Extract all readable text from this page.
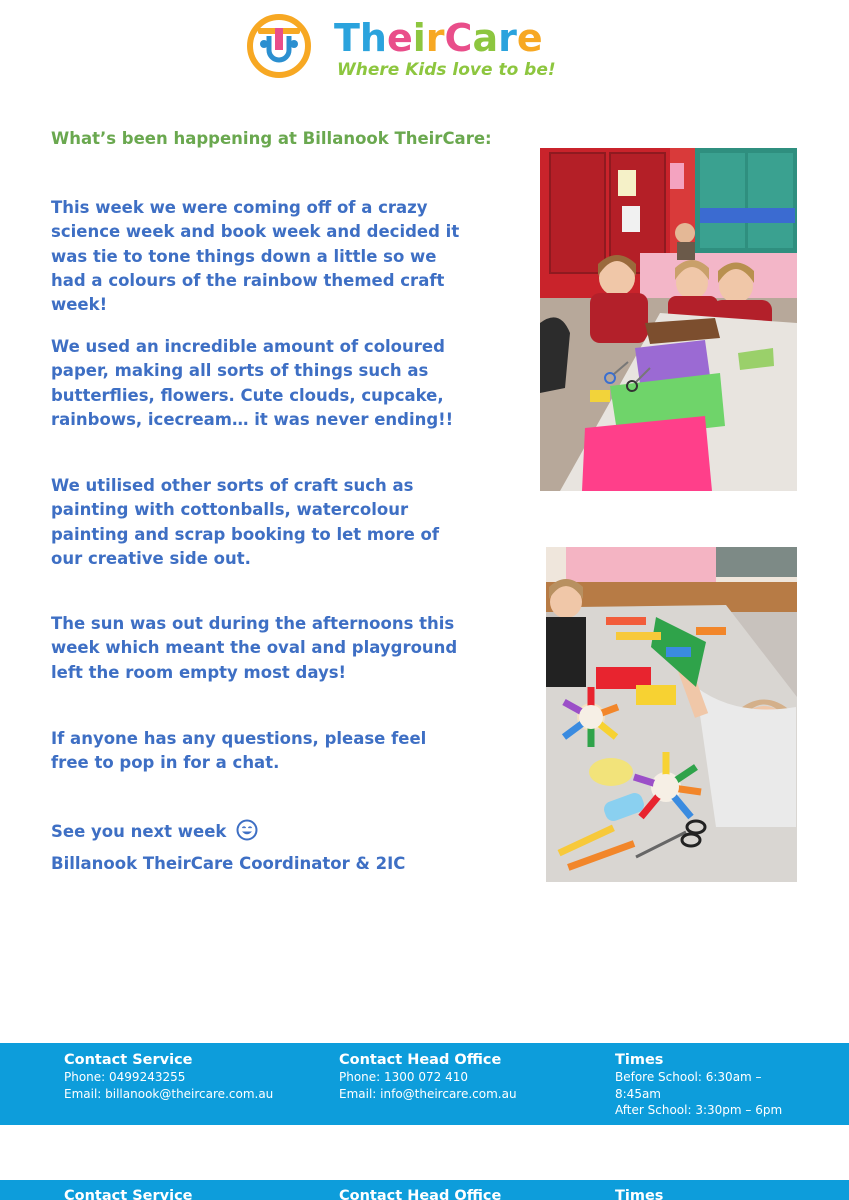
TheirCare
Where Kids love to be!
What’s been happening at Billanook TheirCare:
This week we were coming off of a crazy science week and book week and decided it was tie to tone things down a little so we had a colours of the rainbow themed craft week!
We used an incredible amount of coloured paper, making all sorts of things such as butterflies, flowers. Cute clouds, cupcake, rainbows, icecream… it was never ending!!
We utilised other sorts of craft such as painting with cottonballs, watercolour painting and scrap booking to let more of our creative side out.
The sun was out during the afternoons this week which meant the oval and playground left the room empty most days!
If anyone has any questions, please feel free to pop in for a chat.
See you next week
Billanook TheirCare Coordinator & 2IC
Contact Service
Phone: 0499243255
Email: billanook@theircare.com.au
Contact Head Office
Phone: 1300 072 410
Email: info@theircare.com.au
Times
Before School: 6:30am –
8:45am
After School: 3:30pm – 6pm
Contact Service	Contact Head Office	Times
